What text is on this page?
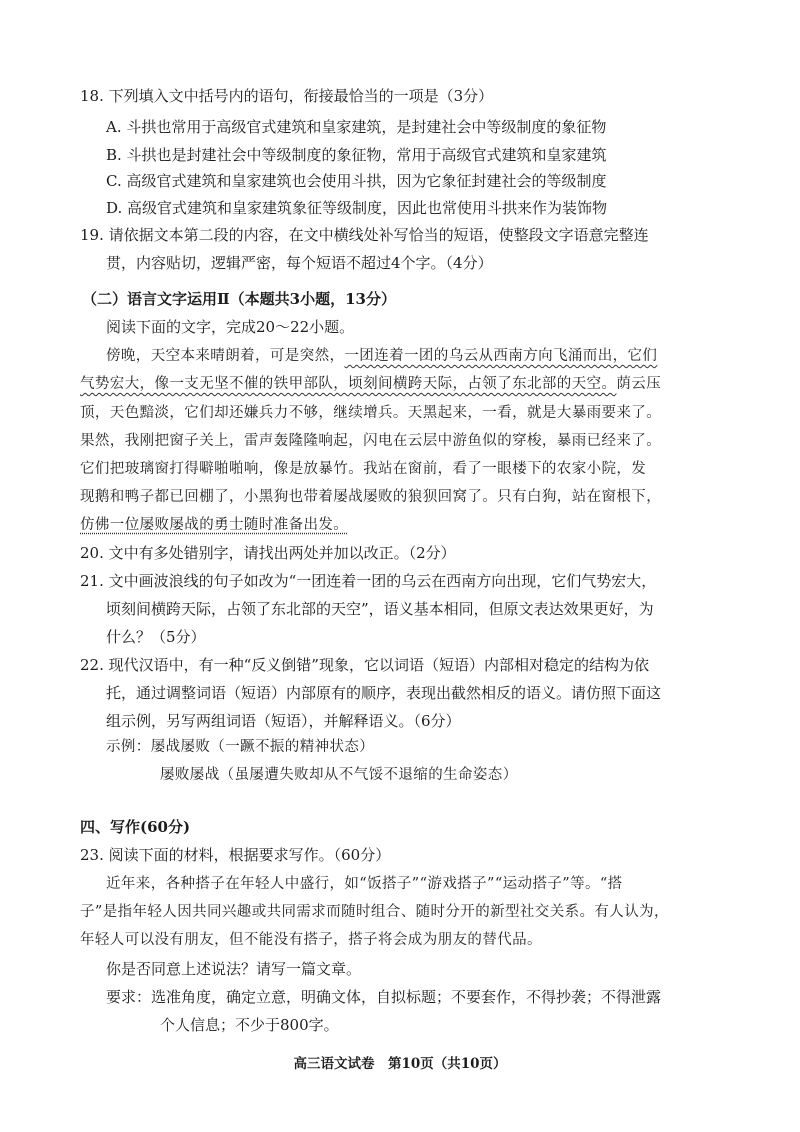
18. 下列填入文中括号内的语句，衔接最恰当的一项是（3分）
A. 斗拱也常用于高级官式建筑和皇家建筑，是封建社会中等级制度的象征物
B. 斗拱也是封建社会中等级制度的象征物，常用于高级官式建筑和皇家建筑
C. 高级官式建筑和皇家建筑也会使用斗拱，因为它象征封建社会的等级制度
D. 高级官式建筑和皇家建筑象征等级制度，因此也常使用斗拱来作为装饰物
19. 请依据文本第二段的内容，在文中横线处补写恰当的短语，使整段文字语意完整连
贯，内容贴切，逻辑严密，每个短语不超过4个字。（4分）
（二）语言文字运用Ⅱ（本题共3小题，13分）
阅读下面的文字，完成20～22小题。
傍晚，天空本来晴朗着，可是突然，一团连着一团的乌云从西南方向飞涌而出，它们
气势宏大，像一支无坚不催的铁甲部队，顷刻间横跨天际，占领了东北部的天空。荫云压
顶，天色黯淡，它们却还嫌兵力不够，继续增兵。天黑起来，一看，就是大暴雨要来了。
果然，我刚把窗子关上，雷声轰隆隆响起，闪电在云层中游鱼似的穿梭，暴雨已经来了。
它们把玻璃窗打得噼啪啪响，像是放暴竹。我站在窗前，看了一眼楼下的农家小院，发
现鹅和鸭子都已回棚了，小黑狗也带着屡战屡败的狼狈回窝了。只有白狗，站在窗根下，
仿佛一位屡败屡战的勇士随时准备出发。
20. 文中有多处错别字，请找出两处并加以改正。（2分）
21. 文中画波浪线的句子如改为“一团连着一团的乌云在西南方向出现，它们气势宏大，
顷刻间横跨天际，占领了东北部的天空”，语义基本相同，但原文表达效果更好，为
什么？（5分）
22. 现代汉语中，有一种“反义倒错”现象，它以词语（短语）内部相对稳定的结构为依
托，通过调整词语（短语）内部原有的顺序，表现出截然相反的语义。请仿照下面这
组示例，另写两组词语（短语），并解释语义。（6分）
示例：屡战屡败（一蹶不振的精神状态）
屡败屡战（虽屡遭失败却从不气馁不退缩的生命姿态）
四、写作(60分)
23. 阅读下面的材料，根据要求写作。（60分）
近年来，各种搭子在年轻人中盛行，如“饭搭子”“游戏搭子”“运动搭子”等。“搭
子”是指年轻人因共同兴趣或共同需求而随时组合、随时分开的新型社交关系。有人认为，
年轻人可以没有朋友，但不能没有搭子，搭子将会成为朋友的替代品。
你是否同意上述说法？请写一篇文章。
要求：选准角度，确定立意，明确文体，自拟标题；不要套作，不得抄袭；不得泄露
个人信息；不少于800字。
高三语文试卷　第10页（共10页）
